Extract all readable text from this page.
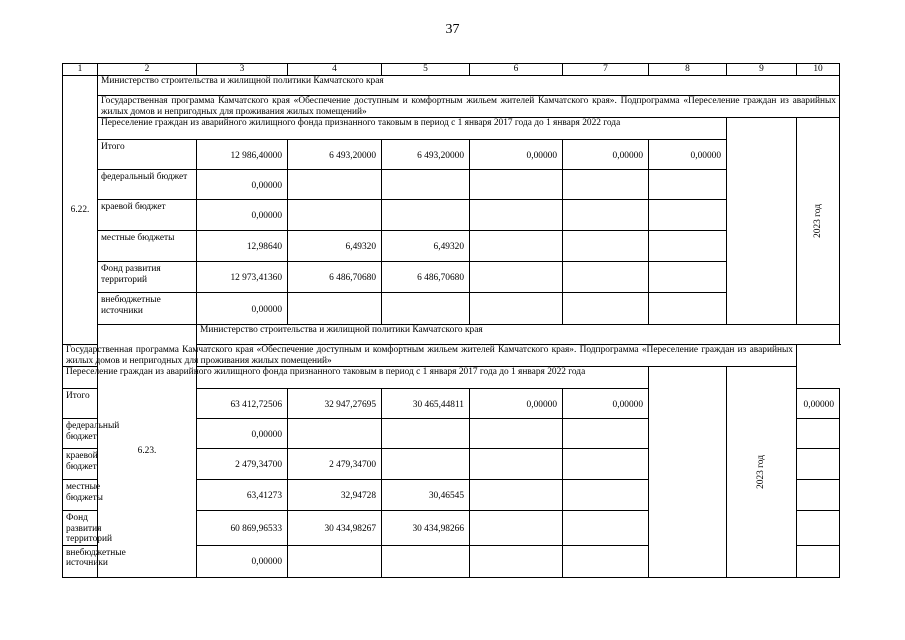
37
1	2	3	4	5	6	7	8	9	10
6.22.	Министерство строительства и жилищной политики Камчатского края								
	Государственная программа Камчатского края «Обеспечение доступным и комфортным жильем жителей Камчатского края». Подпрограмма «Переселение граждан из аварийных жилых домов и непригодных для проживания жилых помещений»								
	Переселение граждан из аварийного жилищного фонда признанного таковым в период с 1 января 2017 года до 1 января 2022 года								2023 год

	Итого	12 986,40000	6 493,20000	6 493,20000	0,00000	0,00000	0,00000		
	федеральный бюджет	0,00000							
	краевой бюджет	0,00000							
	местные бюджеты	12,98640	6,49320	6,49320					
	Фонд развития территорий	12 973,41360	6 486,70680	6 486,70680					
	внебюджетные источники	0,00000							
	6.23.	Министерство строительства и жилищной политики Камчатского края							
Государственная программа Камчатского края «Обеспечение доступным и комфортным жильем жителей Камчатского края». Подпрограмма «Переселение граждан из аварийных жилых домов и непригодных для проживания жилых помещений»									
Переселение граждан из аварийного жилищного фонда признанного таковым в период с 1 января 2017 года до 1 января 2022 года								2023 год	

Итого		63 412,72506	32 947,27695	30 465,44811	0,00000	0,00000			0,00000
федеральный бюджет		0,00000							
краевой бюджет		2 479,34700	2 479,34700						
местные бюджеты		63,41273	32,94728	30,46545					
Фонд развития территорий		60 869,96533	30 434,98267	30 434,98266					
внебюджетные источники		0,00000							
